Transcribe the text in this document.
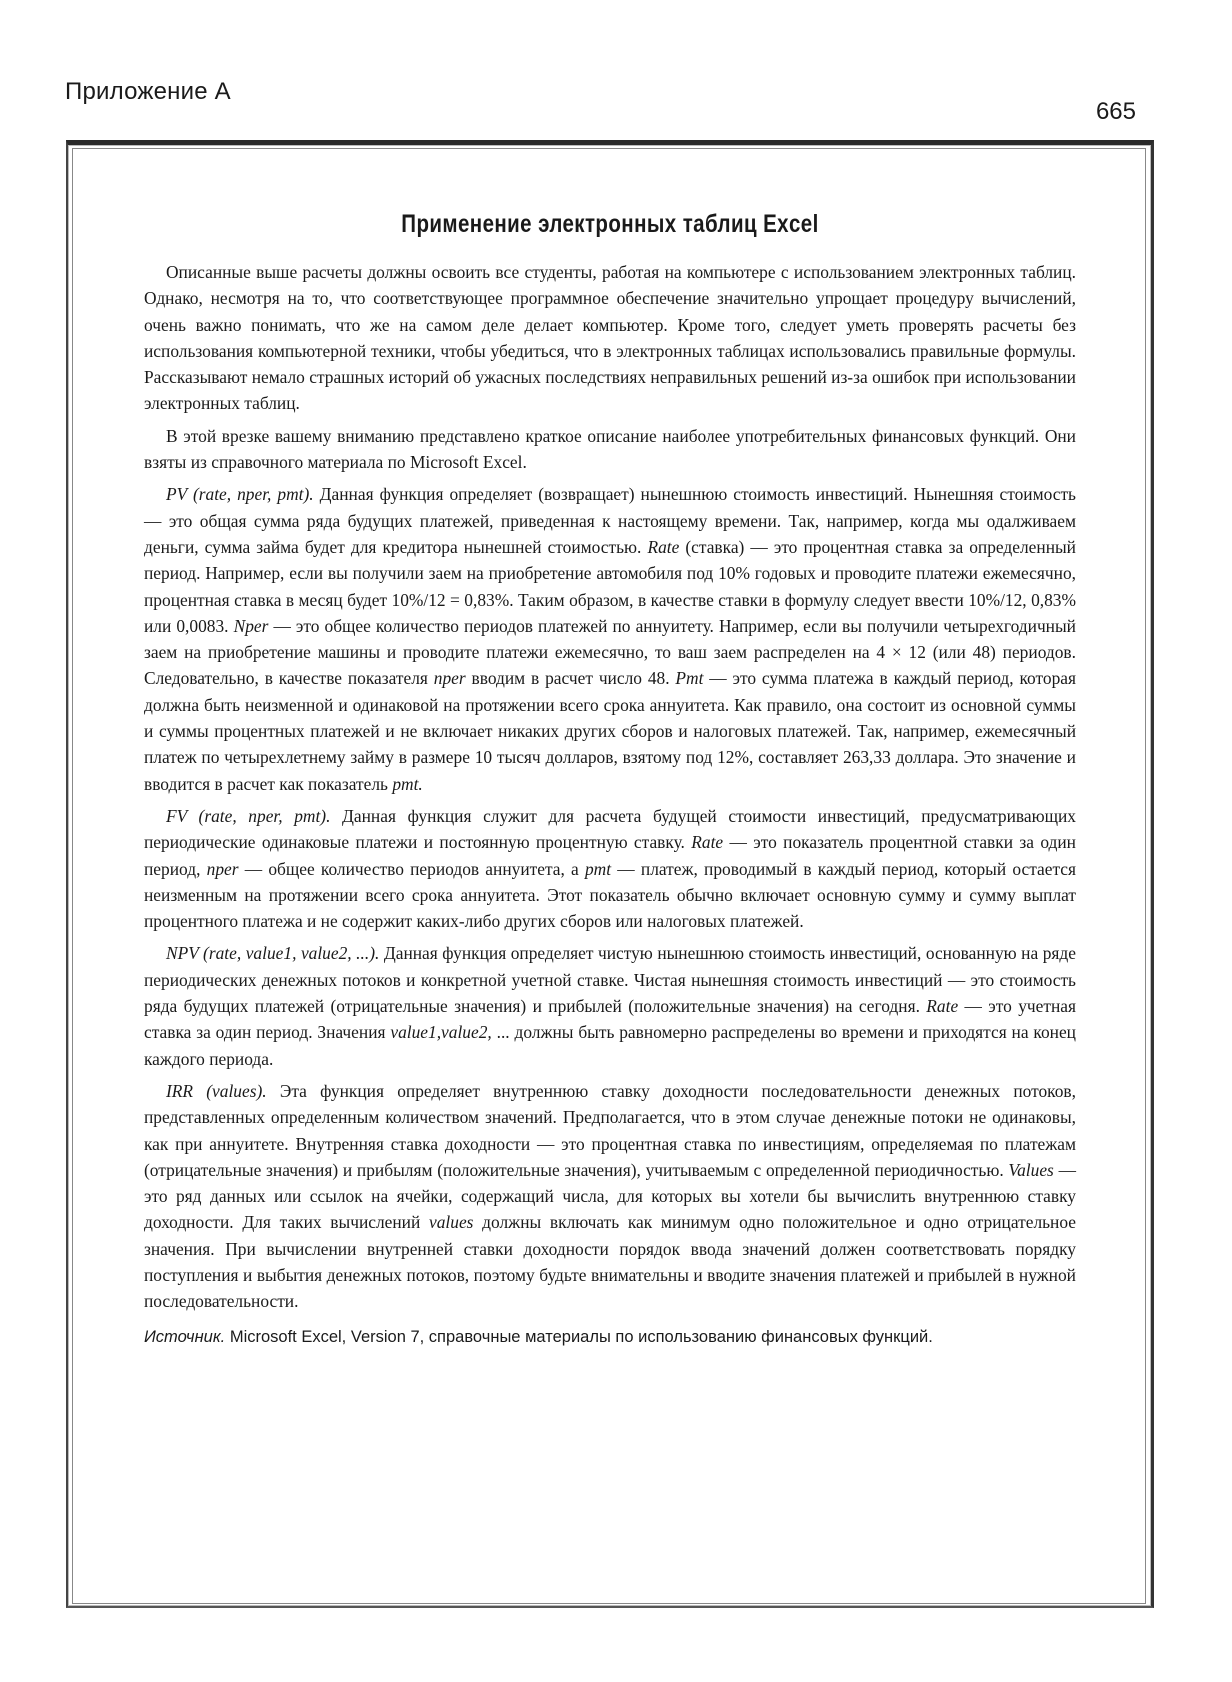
Приложение А
665
Применение электронных таблиц Excel

Описанные выше расчеты должны освоить все студенты, работая на компьютере с использованием электронных таблиц. Однако, несмотря на то, что соответствующее программное обеспечение значительно упрощает процедуру вычислений, очень важно понимать, что же на самом деле делает компьютер. Кроме того, следует уметь проверять расчеты без использования компьютерной техники, чтобы убедиться, что в электронных таблицах использовались правильные формулы. Рассказывают немало страшных историй об ужасных последствиях неправильных решений из-за ошибок при использовании электронных таблиц.

В этой врезке вашему вниманию представлено краткое описание наиболее употребительных финансовых функций. Они взяты из справочного материала по Microsoft Excel.

PV (rate, nper, pmt). Данная функция определяет (возвращает) нынешнюю стоимость инвестиций. Нынешняя стоимость — это общая сумма ряда будущих платежей, приведенная к настоящему времени. Так, например, когда мы одалживаем деньги, сумма займа будет для кредитора нынешней стоимостью. Rate (ставка) — это процентная ставка за определенный период. Например, если вы получили заем на приобретение автомобиля под 10% годовых и проводите платежи ежемесячно, процентная ставка в месяц будет 10%/12 = 0,83%. Таким образом, в качестве ставки в формулу следует ввести 10%/12, 0,83% или 0,0083. Nper — это общее количество периодов платежей по аннуитету. Например, если вы получили четырехгодичный заем на приобретение машины и проводите платежи ежемесячно, то ваш заем распределен на 4 × 12 (или 48) периодов. Следовательно, в качестве показателя nper вводим в расчет число 48. Pmt — это сумма платежа в каждый период, которая должна быть неизменной и одинаковой на протяжении всего срока аннуитета. Как правило, она состоит из основной суммы и суммы процентных платежей и не включает никаких других сборов и налоговых платежей. Так, например, ежемесячный платеж по четырехлетнему займу в размере 10 тысяч долларов, взятому под 12%, составляет 263,33 доллара. Это значение и вводится в расчет как показатель pmt.

FV (rate, nper, pmt). Данная функция служит для расчета будущей стоимости инвестиций, предусматривающих периодические одинаковые платежи и постоянную процентную ставку. Rate — это показатель процентной ставки за один период, nper — общее количество периодов аннуитета, а pmt — платеж, проводимый в каждый период, который остается неизменным на протяжении всего срока аннуитета. Этот показатель обычно включает основную сумму и сумму выплат процентного платежа и не содержит каких-либо других сборов или налоговых платежей.

NPV (rate, value1, value2, ...). Данная функция определяет чистую нынешнюю стоимость инвестиций, основанную на ряде периодических денежных потоков и конкретной учетной ставке. Чистая нынешняя стоимость инвестиций — это стоимость ряда будущих платежей (отрицательные значения) и прибылей (положительные значения) на сегодня. Rate — это учетная ставка за один период. Значения value1,value2, ... должны быть равномерно распределены во времени и приходятся на конец каждого периода.

IRR (values). Эта функция определяет внутреннюю ставку доходности последовательности денежных потоков, представленных определенным количеством значений. Предполагается, что в этом случае денежные потоки не одинаковы, как при аннуитете. Внутренняя ставка доходности — это процентная ставка по инвестициям, определяемая по платежам (отрицательные значения) и прибылям (положительные значения), учитываемым с определенной периодичностью. Values — это ряд данных или ссылок на ячейки, содержащий числа, для которых вы хотели бы вычислить внутреннюю ставку доходности. Для таких вычислений values должны включать как минимум одно положительное и одно отрицательное значения. При вычислении внутренней ставки доходности порядок ввода значений должен соответствовать порядку поступления и выбытия денежных потоков, поэтому будьте внимательны и вводите значения платежей и прибылей в нужной последовательности.

Источник. Microsoft Excel, Version 7, справочные материалы по использованию финансовых функций.
